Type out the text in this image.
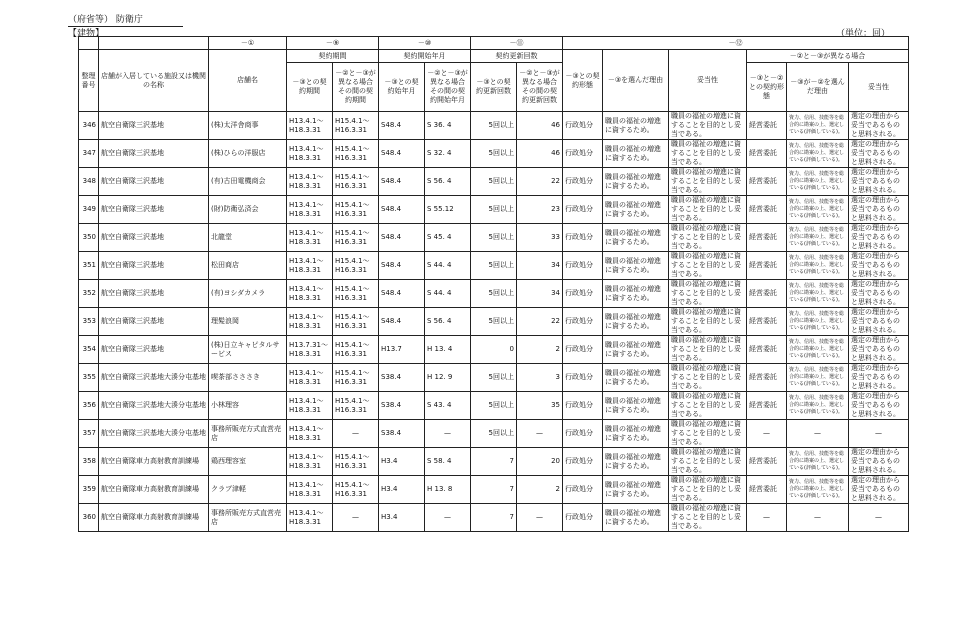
（府省等） 防衛庁
【建物】	（単位：回）
		－①	－⑨		－⑩		－⑪		－⑫					
整理番号	店舗が入居している施設又は機関の名称	店舗名	契約期間		契約開始年月		契約更新回数		－③との契約形態	－③を選んだ理由	妥当性	－②と－③が異なる場合		
			－③との契約期間	－②と－③が異なる場合その間の契約期間	－③との契約始年月	－②と－③が異なる場合その間の契約開始年月	－③との契約更新回数	－②と－③が異なる場合その間の契約更新回数				－③と－②との契約形態	－③が－②を選んだ理由	妥当性
346	航空自衛隊三沢基地	(株)太洋舎商事	H13.4.1～ H18.3.31	H15.4.1～ H16.3.31	S48.4	S 36. 4	5回以上	46	行政処分	職員の福祉の増進に資するため。	職員の福祉の増進に資することを目的とし妥当である。	経営委託	資力、信用、技能等を総合的に勘案の上、選定している(評価している)。	選定の理由から妥当であるものと思料される。
347	航空自衛隊三沢基地	(株)ひらの洋服店	H13.4.1～ H18.3.31	H15.4.1～ H16.3.31	S48.4	S 32. 4	5回以上	46	行政処分	職員の福祉の増進に資するため。	職員の福祉の増進に資することを目的とし妥当である。	経営委託	資力、信用、技能等を総合的に勘案の上、選定している(評価している)。	選定の理由から妥当であるものと思料される。
348	航空自衛隊三沢基地	(有)古田電機商会	H13.4.1～ H18.3.31	H15.4.1～ H16.3.31	S48.4	S 56. 4	5回以上	22	行政処分	職員の福祉の増進に資するため。	職員の福祉の増進に資することを目的とし妥当である。	経営委託	資力、信用、技能等を総合的に勘案の上、選定している(評価している)。	選定の理由から妥当であるものと思料される。
349	航空自衛隊三沢基地	(財)防衛弘済会	H13.4.1～ H18.3.31	H15.4.1～ H16.3.31	S48.4	S 55.12	5回以上	23	行政処分	職員の福祉の増進に資するため。	職員の福祉の増進に資することを目的とし妥当である。	経営委託	資力、信用、技能等を総合的に勘案の上、選定している(評価している)。	選定の理由から妥当であるものと思料される。
350	航空自衛隊三沢基地	北龍堂	H13.4.1～ H18.3.31	H15.4.1～ H16.3.31	S48.4	S 45. 4	5回以上	33	行政処分	職員の福祉の増進に資するため。	職員の福祉の増進に資することを目的とし妥当である。	経営委託	資力、信用、技能等を総合的に勘案の上、選定している(評価している)。	選定の理由から妥当であるものと思料される。
351	航空自衛隊三沢基地	松田商店	H13.4.1～ H18.3.31	H15.4.1～ H16.3.31	S48.4	S 44. 4	5回以上	34	行政処分	職員の福祉の増進に資するため。	職員の福祉の増進に資することを目的とし妥当である。	経営委託	資力、信用、技能等を総合的に勘案の上、選定している(評価している)。	選定の理由から妥当であるものと思料される。
352	航空自衛隊三沢基地	(有)ヨシダカメラ	H13.4.1～ H18.3.31	H15.4.1～ H16.3.31	S48.4	S 44. 4	5回以上	34	行政処分	職員の福祉の増進に資するため。	職員の福祉の増進に資することを目的とし妥当である。	経営委託	資力、信用、技能等を総合的に勘案の上、選定している(評価している)。	選定の理由から妥当であるものと思料される。
353	航空自衛隊三沢基地	理髪浪岡	H13.4.1～ H18.3.31	H15.4.1～ H16.3.31	S48.4	S 56. 4	5回以上	22	行政処分	職員の福祉の増進に資するため。	職員の福祉の増進に資することを目的とし妥当である。	経営委託	資力、信用、技能等を総合的に勘案の上、選定している(評価している)。	選定の理由から妥当であるものと思料される。
354	航空自衛隊三沢基地	(株)日立キャピタルサービス	H13.7.31～ H18.3.31	H15.4.1～ H16.3.31	H13.7	H 13. 4	0	2	行政処分	職員の福祉の増進に資するため。	職員の福祉の増進に資することを目的とし妥当である。	経営委託	資力、信用、技能等を総合的に勘案の上、選定している(評価している)。	選定の理由から妥当であるものと思料される。
355	航空自衛隊三沢基地大湊分屯基地	喫茶部さささき	H13.4.1～ H18.3.31	H15.4.1～ H16.3.31	S38.4	H 12. 9	5回以上	3	行政処分	職員の福祉の増進に資するため。	職員の福祉の増進に資することを目的とし妥当である。	経営委託	資力、信用、技能等を総合的に勘案の上、選定している(評価している)。	選定の理由から妥当であるものと思料される。
356	航空自衛隊三沢基地大湊分屯基地	小林理容	H13.4.1～ H18.3.31	H15.4.1～ H16.3.31	S38.4	S 43. 4	5回以上	35	行政処分	職員の福祉の増進に資するため。	職員の福祉の増進に資することを目的とし妥当である。	経営委託	資力、信用、技能等を総合的に勘案の上、選定している(評価している)。	選定の理由から妥当であるものと思料される。
357	航空自衛隊三沢基地大湊分屯基地	事務所販売方式直営売店	H13.4.1～ H18.3.31	—	S38.4	—	5回以上	—	行政処分	職員の福祉の増進に資するため。	職員の福祉の増進に資することを目的とし妥当である。	—	—	—
358	航空自衛隊車力高射教育訓練場	鶏西理容室	H13.4.1～ H18.3.31	H15.4.1～ H16.3.31	H3.4	S 58. 4	7	20	行政処分	職員の福祉の増進に資するため。	職員の福祉の増進に資することを目的とし妥当である。	経営委託	資力、信用、技能等を総合的に勘案の上、選定している(評価している)。	選定の理由から妥当であるものと思料される。
359	航空自衛隊車力高射教育訓練場	クラブ津軽	H13.4.1～ H18.3.31	H15.4.1～ H16.3.31	H3.4	H 13. 8	7	2	行政処分	職員の福祉の増進に資するため。	職員の福祉の増進に資することを目的とし妥当である。	経営委託	資力、信用、技能等を総合的に勘案の上、選定している(評価している)。	選定の理由から妥当であるものと思料される。
360	航空自衛隊車力高射教育訓練場	事務所販売方式直営売店	H13.4.1～ H18.3.31	—	H3.4	—	7	—	行政処分	職員の福祉の増進に資するため。	職員の福祉の増進に資することを目的とし妥当である。	—	—	—
